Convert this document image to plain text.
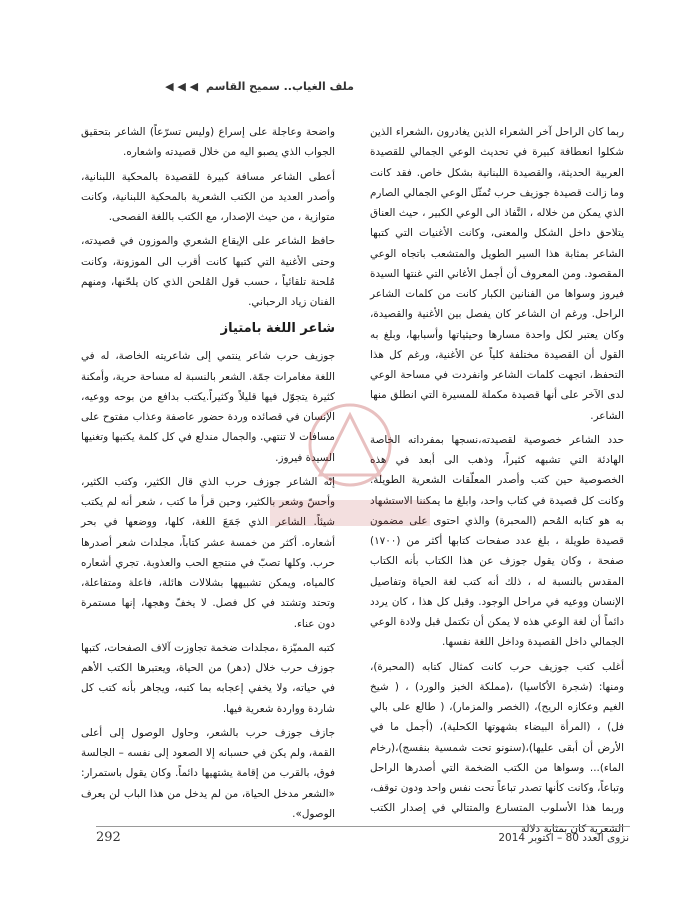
ملف الغياب.. سميح القاسم ◀ ◀ ◀

ربما كان الراحل آخر الشعراء الذين يغادرون ،الشعراء الذين شكلوا انعطافة كبيرة في تحديث الوعي الجمالي للقصيدة العربية الحديثة، والقصيدة اللبنانية بشكل خاص. فقد كانت وما زالت قصيدة جوزيف حرب تُمثّل الوعي الجمالي الصارم الذي يمكن من خلاله ، النَّفاذ الى الوعي الكبير ، حيث العناق يتلاحق داخل الشكل والمعنى، وكانت الأغنيات التي كتبها الشاعر بمثابة هذا السير الطويل والمتشعب باتجاه الوعي المقصود. ومن المعروف أن أجمل الأغاني التي غنتها السيدة فيروز وسواها من الفنانين الكبار كانت من كلمات الشاعر الراحل. ورغم ان الشاعر كان يفصل بين الأغنية والقصيدة، وكان يعتبر لكل واحدة مسارها وحيثياتها وأسبابها، وبلغ به القول أن القصيدة مختلفة كلياً عن الأغنية، ورغم كل هذا التحفظ، اتجهت كلمات الشاعر وانفردت في مساحة الوعي لدى الآخر على أنها قصيدة مكملة للمسيرة التي انطلق منها الشاعر.

حدد الشاعر خصوصية لقصيدته،نسجها بمفرداته الخاصة الهادئة التي تشبهه كثيراً، وذهب الى أبعد في هذه الخصوصية حين كتب وأصدر المعلّقات الشعرية الطويلة. وكانت كل قصيدة في كتاب واحد، وابلغ ما يمكننا الاستشهاد به هو كتابه المُحم (المحبرة) والذي احتوى على مضمون قصيدة طويلة ، بلغ عدد صفحات كتابها أكثر من (١٧٠٠) صفحة ، وكان يقول جوزف عن هذا الكتاب بأنه الكتاب المقدس بالنسبة له ، ذلك أنه كتب لغة الحياة وتفاصيل الإنسان ووعيه في مراحل الوجود. وقبل كل هذا ، كان يردد دائماً أن لغة الوعي هذه لا يمكن أن تكتمل قبل ولادة الوعي الجمالي داخل القصيدة وداخل اللغة نفسها.

أغلب كتب جوزيف حرب كانت كمثال كتابه (المحبرة)، ومنها: (شجرة الأكاسيا) ،(مملكة الخبز والورد) ، ( شيخ الغيم وعكازه الريح)، (الخصر والمزمار)، ( طالع على بالي فل) ، (المرأة البيضاء بشهوتها الكحلية)، (أجمل ما في الأرض أن أبقى عليها)،(سنونو تحت شمسية بنفسج)،(رخام الماء)... وسواها من الكتب الضخمة التي أصدرها الراحل وتباعاً، وكانت كأنها تصدر تباعاً تحت نفس واحد ودون توقف، وربما هذا الأسلوب المتسارع والمتتالي في إصدار الكتب الشعرية كان بمثابة دلالة

واضحة وعاجلة على إسراع (وليس تسرّعاً) الشاعر بتحقيق الجواب الذي يصبو اليه من خلال قصيدته واشعاره.

أعطى الشاعر مسافة كبيرة للقصيدة بالمحكية اللبنانية، وأصدر العديد من الكتب الشعرية بالمحكية اللبنانية، وكانت متوازية ، من حيث الإصدار، مع الكتب باللغة الفصحى.

حافظ الشاعر على الإيقاع الشعري والموزون في قصيدته، وحتى الأغنية التي كتبها كانت أقرب الى الموزونة، وكانت مُلحنة تلقائياً ، حسب قول المُلحن الذي كان يلحّنها، ومنهم الفنان زياد الرحباني.

شاعر اللغة بامتياز

جوزيف حرب شاعر ينتمي إلى شاعريته الخاصة، له في اللغة مغامرات جمّة. الشعر بالنسبة له مساحة حرية، وأمكنة كثيرة يتجوّل فيها قليلاً وكثيراً.يكتب بدافع من بوحه ووعيه، الإنسان في قصائده وردة حضور عاصفة وعذاب مفتوح على مسافات لا تنتهي. والجمال مندلع في كل كلمة يكتبها وتغنيها السيدة فيروز.

إنّه الشاعر جوزف حرب الذي قال الكثير، وكتب الكثير، وأحسّ وشعر بالكثير، وحين قرأ ما كتب ، شعر أنه لم يكتب شيئاً. الشاعر الذي جَمَعَ اللغة، كلها، ووضعها في بحر أشعاره. أكثر من خمسة عشر كتاباً، مجلدات شعر أصدرها حرب. وكلها تصبّ في منتجع الحب والعذوبة. تجري أشعاره كالمياه، ويمكن تشبيهها بشلالات هائلة، فاعلة ومتفاعلة، وتحتد وتشتد في كل فصل. لا يخفّ وهجها، إنها مستمرة دون عناء.

كتبه المميّزة ،مجلدات ضخمة تجاوزت آلاف الصفحات، كتبها جوزف حرب خلال (دهر) من الحياة، ويعتبرها الكتب الأهم في حياته، ولا يخفي إعجابه بما كتبه، ويجاهر بأنه كتب كل شاردة وواردة شعرية فيها.

جازف جوزف حرب بالشعر، وحاول الوصول إلى أعلى القمة، ولم يكن في حسبانه إلا الصعود إلى نفسه – الجالسة فوق، بالقرب من إقامة يشتهيها دائماً. وكان يقول باستمرار: «الشعر مدخل الحياة، من لم يدخل من هذا الباب لن يعرف الوصول».

نزوى العدد 80 – اكتوبر 2014
292
